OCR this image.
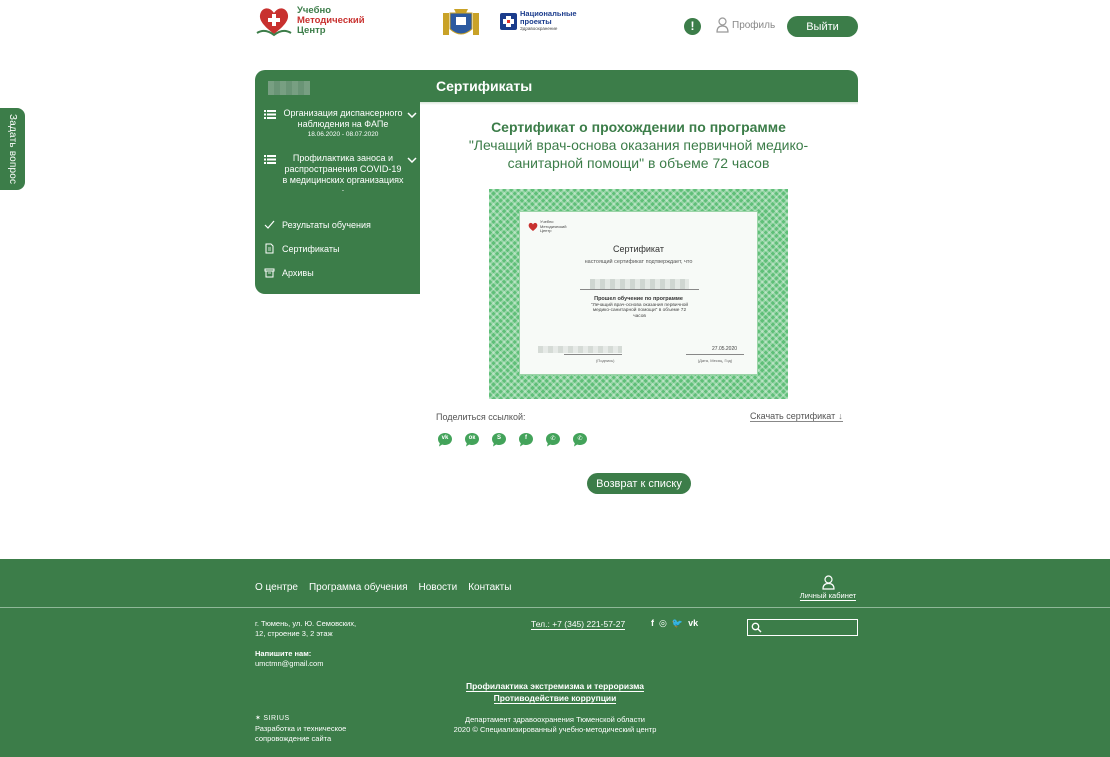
Задать вопрос
Учебно
Методический
Центр
Национальные
проекты
Здравоохранение	!	Профиль	Выйти
Сертификаты
Организация диспансерного наблюдения на ФАПе
18.06.2020 - 08.07.2020
Профилактика заноса и распространения COVID-19 в медицинских организациях
-
Результаты обучения
Сертификаты
Архивы
Сертификат о прохождении по программе
"Лечащий врач-основа оказания первичной медико-
санитарной помощи" в объеме 72 часов
Учебно
Методический
Центр
Сертификат
настоящий сертификат подтверждает, что
Прошел обучение по программе
"Лечащий врач-основа оказания первичной
медико-санитарной помощи" в объеме 72 часов
27.05.2020
(Подпись)	(Дата, Месяц, Год)
Поделиться ссылкой:	Скачать сертификат ↓
vk	ок	S	f	✆	✆
Возврат к списку
О центре Программа обучения Новости Контакты
Личный кабинет
г. Тюмень, ул. Ю. Семовских,
12, строение 3, 2 этаж
Напишите нам:
umctmn@gmail.com
Тел.: +7 (345) 221-57-27	f ◎ 🐦 vk
Профилактика экстремизма и терроризма
Противодействие коррупции
✶ SIRIUS
Разработка и техническое
сопровождение сайта
Департамент здравоохранения Тюменской области
2020 © Специализированный учебно-методический центр
